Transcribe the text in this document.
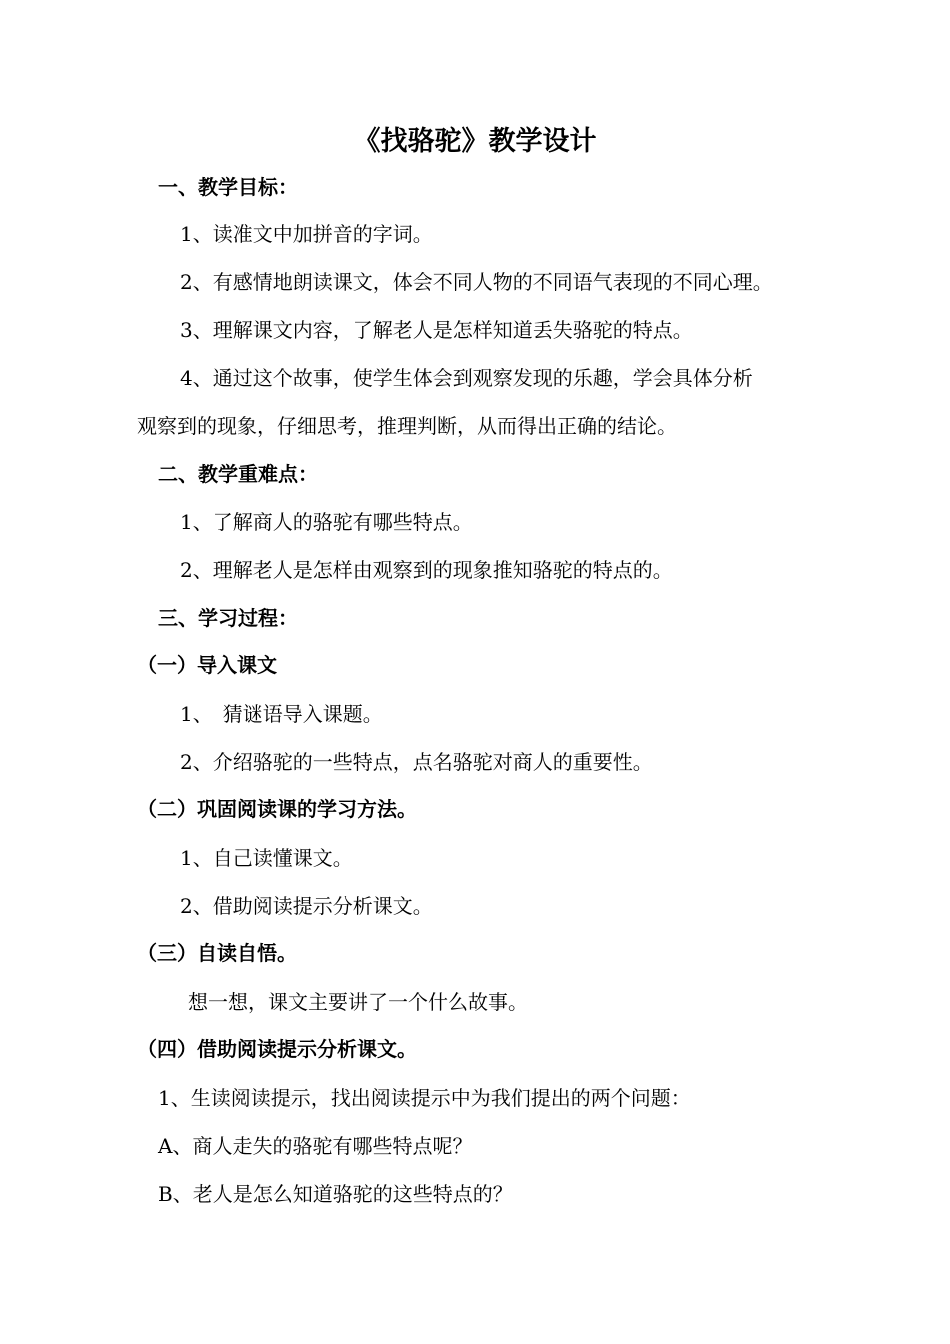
《找骆驼》教学设计
一、教学目标：
1、读准文中加拼音的字词。
2、有感情地朗读课文，体会不同人物的不同语气表现的不同心理。
3、理解课文内容，了解老人是怎样知道丢失骆驼的特点。
4、通过这个故事，使学生体会到观察发现的乐趣，学会具体分析
观察到的现象，仔细思考，推理判断，从而得出正确的结论。
二、教学重难点：
1、了解商人的骆驼有哪些特点。
2、理解老人是怎样由观察到的现象推知骆驼的特点的。
三、学习过程：
（一）导入课文
1、　猜谜语导入课题。
2、介绍骆驼的一些特点，点名骆驼对商人的重要性。
（二）巩固阅读课的学习方法。
1、自己读懂课文。
2、借助阅读提示分析课文。
（三）自读自悟。
想一想，课文主要讲了一个什么故事。
（四）借助阅读提示分析课文。
1、生读阅读提示，找出阅读提示中为我们提出的两个问题：
A、商人走失的骆驼有哪些特点呢？
B、老人是怎么知道骆驼的这些特点的？
